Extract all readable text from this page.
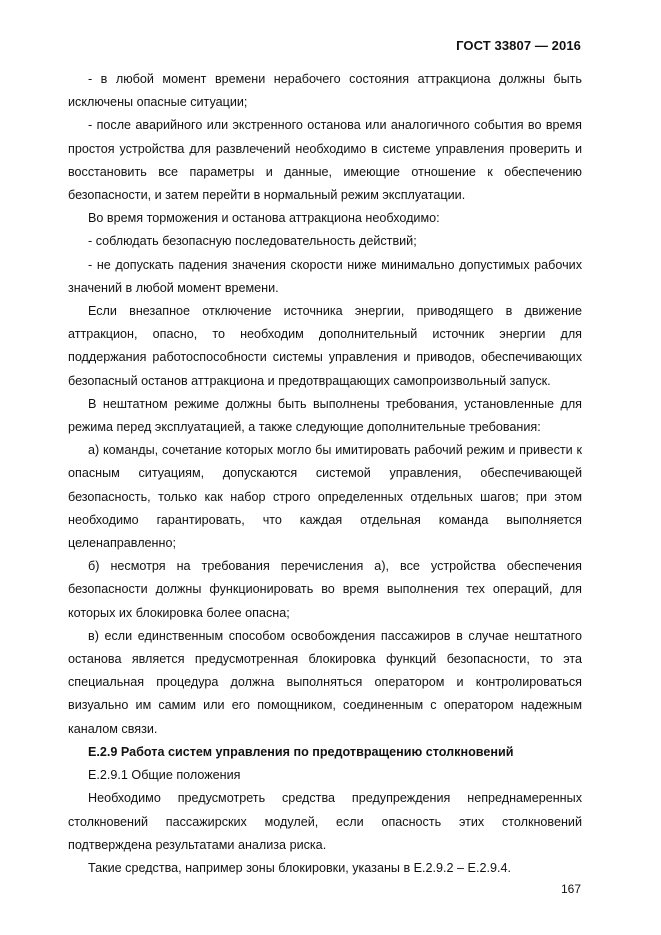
ГОСТ 33807 — 2016

- в любой момент времени нерабочего состояния аттракциона должны быть исключены опасные ситуации;

- после аварийного или экстренного останова или аналогичного события во время простоя устройства для развлечений необходимо в системе управления проверить и восстановить все параметры и данные, имеющие отношение к обеспечению безопасности, и затем перейти в нормальный режим эксплуатации.

Во время торможения и останова аттракциона необходимо:

- соблюдать безопасную последовательность действий;

- не допускать падения значения скорости ниже минимально допустимых рабочих значений в любой момент времени.

Если внезапное отключение источника энергии, приводящего в движение аттракцион, опасно, то необходим дополнительный источник энергии для поддержания работоспособности системы управления и приводов, обеспечивающих безопасный останов аттракциона и предотвращающих самопроизвольный запуск.

В нештатном режиме должны быть выполнены требования, установленные для режима перед эксплуатацией, а также следующие дополнительные требования:

а) команды, сочетание которых могло бы имитировать рабочий режим и привести к опасным ситуациям, допускаются системой управления, обеспечивающей безопасность, только как набор строго определенных отдельных шагов; при этом необходимо гарантировать, что каждая отдельная команда выполняется целенаправленно;

б) несмотря на требования перечисления а), все устройства обеспечения безопасности должны функционировать во время выполнения тех операций, для которых их блокировка более опасна;

в) если единственным способом освобождения пассажиров в случае нештатного останова является предусмотренная блокировка функций безопасности, то эта специальная процедура должна выполняться оператором и контролироваться визуально им самим или его помощником, соединенным с оператором надежным каналом связи.

Е.2.9 Работа систем управления по предотвращению столкновений

Е.2.9.1 Общие положения

Необходимо предусмотреть средства предупреждения непреднамеренных столкновений пассажирских модулей, если опасность этих столкновений подтверждена результатами анализа риска.

Такие средства, например зоны блокировки, указаны в Е.2.9.2 – Е.2.9.4.

167
